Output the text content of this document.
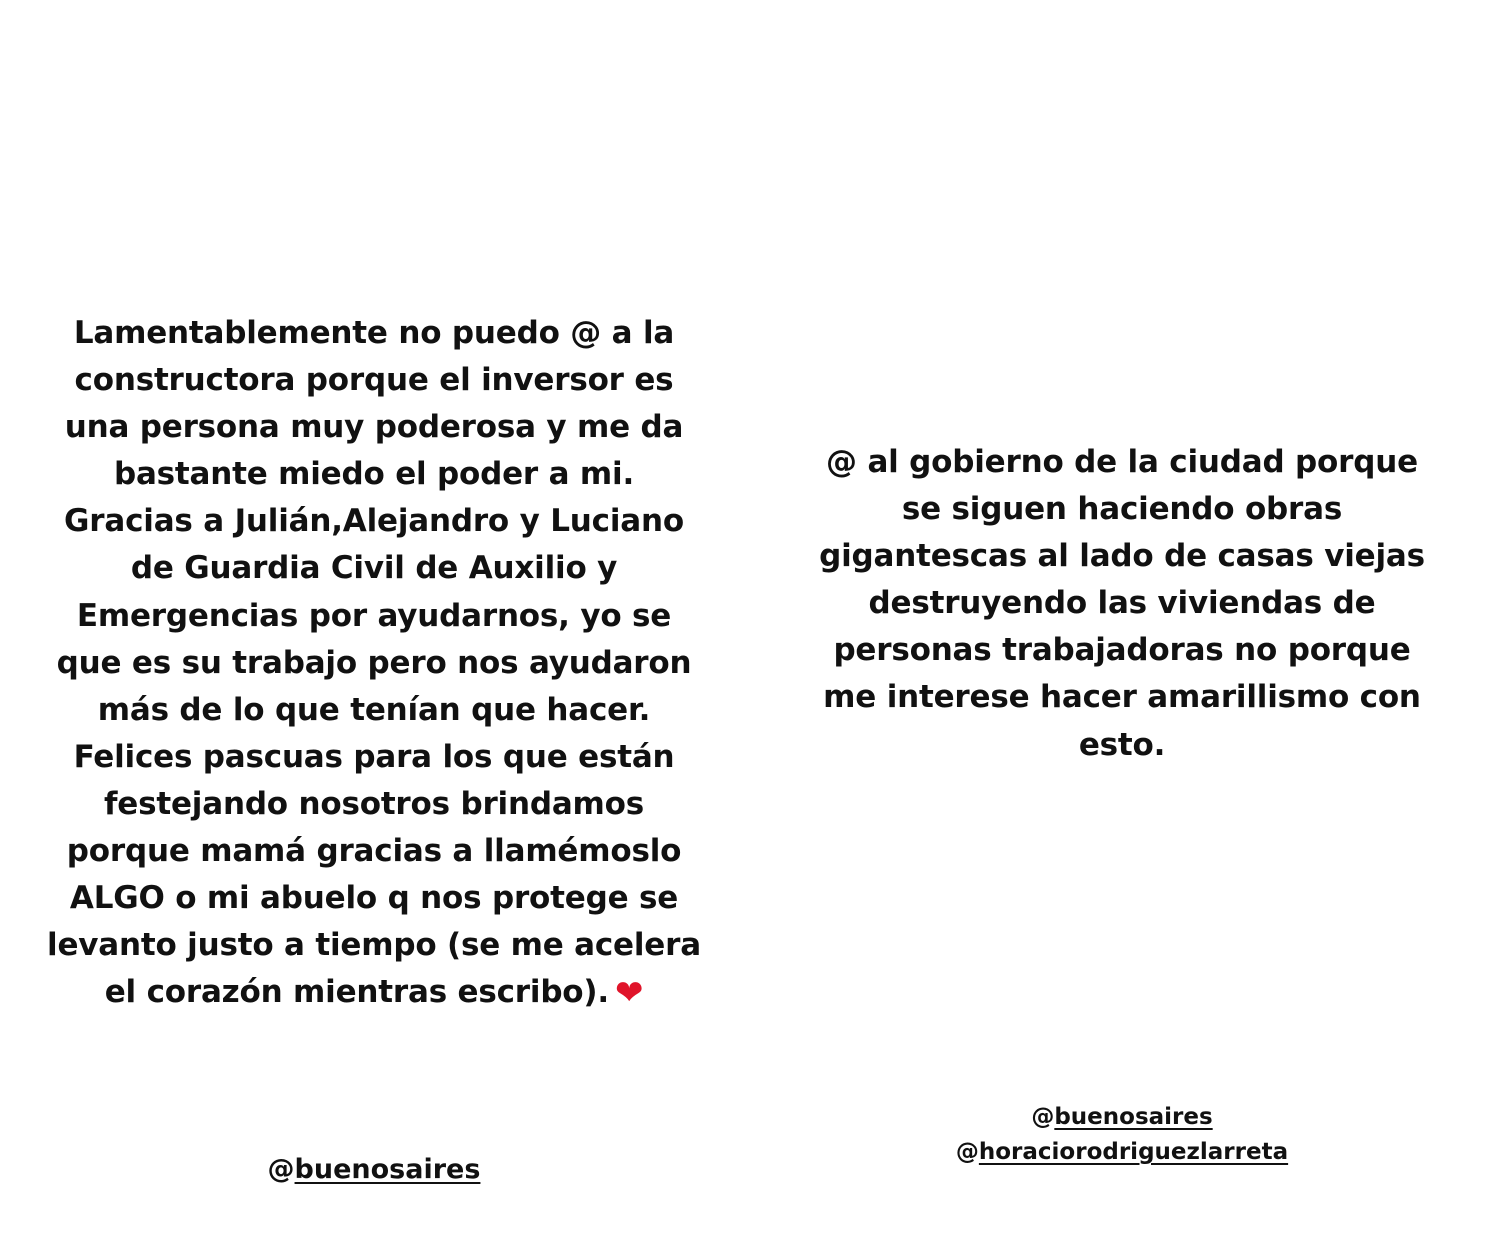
Lamentablemente no puedo @ a la
constructora porque el inversor es
una persona muy poderosa y me da
bastante miedo el poder a mi.
Gracias a Julián,Alejandro y Luciano
de Guardia Civil de Auxilio y
Emergencias por ayudarnos, yo se
que es su trabajo pero nos ayudaron
más de lo que tenían que hacer.
Felices pascuas para los que están
festejando nosotros brindamos
porque mamá gracias a llamémoslo
ALGO o mi abuelo q nos protege se
levanto justo a tiempo (se me acelera
el corazón mientras escribo). ❤
@buenosaires
@ al gobierno de la ciudad porque
se siguen haciendo obras
gigantescas al lado de casas viejas
destruyendo las viviendas de
personas trabajadoras no porque
me interese hacer amarillismo con
esto.
@buenosaires
@horaciorodriguezlarreta
